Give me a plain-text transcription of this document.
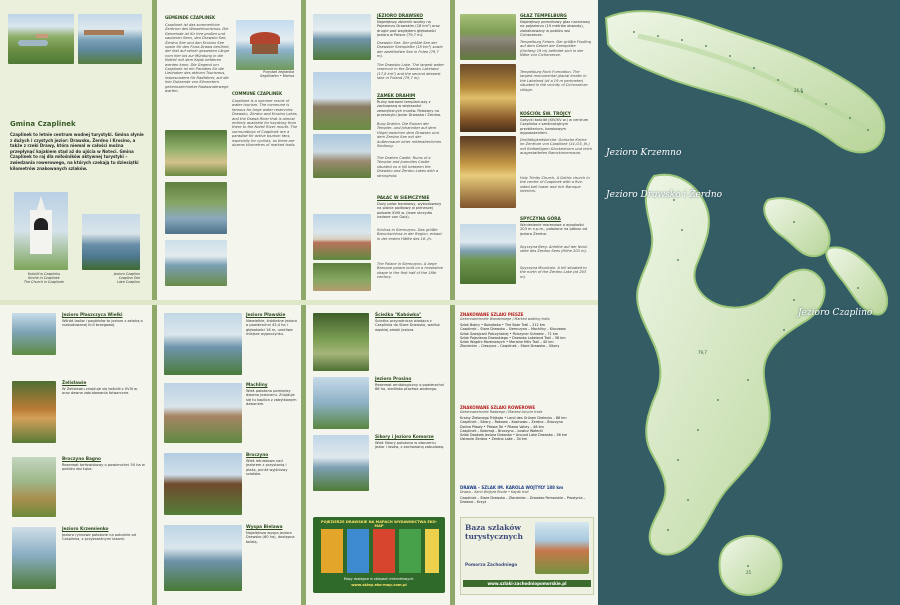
Gmina Czaplinek
Czaplinek to letnie centrum wodnej turystyki. Gmina słynie z dużych i czystych jezior: Drawsko, Żerdno i Krosino, a także z rzeki Drawy, która niemal w całości można przepłynąć kajakiem stąd aż do ujścia w Noteci. Gmina Czaplinek to raj dla miłośników aktywnej turystyki – zwiedzania rowerowego, na których czekają tu dziesiątki kilometrów znakowanych szlaków.
Kościół w Czaplinku
Kirche in Czaplinek
The Church in Czaplinek
Jezioro Czaplino
Czaplino See
Lake Czaplino
GEMEINDE CZAPLINEK
Czaplinek ist das sommerliche Zentrum des Wassertourismus. Die Gemeinde ist für ihre großen und sauberen Seen, den Drawsko See, Żerdno See und den Krosino See sowie für den Fluss Drawa berühmt, der fast auf seiner gesamten Länge vom hier bis zur Mündung in die Notteć mit dem Kajak befahren werden kann. Die Gegend um Czaplinek ist ein Paradies für die Liebhaber des aktiven Tourismus, insbesondere für Radfahrer, auf die hier Dutzende von Kilometern gekennzeichneter Radwanderwege warten.
Przystań żeglarska
Segelhafen • Marina
COMMUNE CZAPLINEK
Czaplinek is a summer resort of water tourism. The commune is famous for large water reservoirs: Drawsko, Żerdno and Krosino Lakes, and the Drawa River that is almost entirely available for kayaking from there to the Noteć River mouth. The surroundings of Czaplinek are a paradise for active tourism fans, especially for cyclists, as there are dozens kilometres of marked trails.
JEZIORO DRAWSKO
Największy zbiornik wodny na Pojezierzu Drawskim (18 km²) oraz drugie pod względem głębokości jezioro w Polsce (79,7 m).
Drawsko See. Der größte See der Drawsker Seenplatte (18 km²) sowie der zweittiefste See in Polen (79,7 m).
The Drawsko Lake. The largest water reservoir in the Drawsko Lakeland (17,8 km²) and the second deepest lake in Poland (79,7 m).
ZAMEK DRAHIM
Ruiny warowni templariuszy z zachowaną w większości zewnętrznych murów. Położony na przesmyku jezior Drawsko i Żerdno.
Burg Drahim. Die Ruinen der Templer- und Johanniter auf dem Hügel zwischen dem Drawsko und dem Żerdno See mit der Außenmauer einer mittelalterlichen Siedlung.
The Drahim Castle. Ruins of a Templar and Joannites Castle situated on a hill between the Drawsko and Żerdno Lakes with a stronghold.
PAŁAC W SIEMCZYNIE
Duży pałac barokowy, wybudowany na planie podkowy w pierwszej połowie XVIII w. (lewe skrzydło nadane von Golz).
Schloss in Siemczyno. Das größte Barockschloss in der Region, erbaut in der ersten Hälfte des 18. Jh.
The Palace in Siemczyno. A large Baroque palace built on a horseshoe shape in the first half of the 18th century.
GŁAZ TEMPELBURG
Największy pomnikowy głaz narzutowy na pojezierzu (19 metrów obwodu), zlokalizowany w pobliżu wsi Cichorzecze.
Tempelburg Felsen. Der größte Findling auf dem Gebiet der Seenplatte (Umfang 19 m) befindet sich in der Nähe von Cichorzecze.
Tempelburg Rock Formation. The largest monumental glacial erratic in the Lakeland (of a 19 m perimeter) situated in the vicinity of Cichorzecze village.
KOŚCIÓŁ ŚW. TRÓJCY
Gotycki kościół (XIV/XV w.) w centrum Czaplinka z sześciokątnym prezbiterium, barokowym wyposażeniem.
Dreifaltigkeitskirche. Gotische Kirche im Zentrum von Czaplinek (14./15. Jh.) mit fünfseitigem Glockenturm und reich ausgestatteten Barockinnenraum.
Holy Trinity Church. A Gothic church in the centre of Czaplinek with a five-sided bell tower and rich Baroque interiors.
SPYCZYNA GÓRA
Wzniesienie morenowe o wysokości 203 m n.p.m., położone na północ od jeziora Żerdno.
Spyczyna Berg. Anhöhe auf der Nord-seite des Żerdno Sees (Höhe 203 m).
Spyczyna Mountain. A hill situated to the north of the Żerdno Lake (at 203 m).
Jezioro Płaszczyca Wielki
Wśród lasów i pagórków to jezioro z zatoką o rozbudowanej linii brzegowej.
Żelisławie
W Żelisławiu znajduje się kościół z XVIII w. oraz dawne zabudowania folwarczne.
Broczyno Bagno
Rezerwat torfowiskowy o powierzchni 50 ha w pobliżu wsi Łąka.
Jezioro Krzemienko
Jezioro rynnowe położone na południe od Czaplinka, z przybrzeżnymi lasami.
Jezioro Pławskie
Niewielkie, śródleśne jezioro o powierzchni 43,4 ha i głębokości 16 m, urokliwe miejsce wypoczynku.
Machliny
Wieś położona pomiędzy dwoma jeziorami. Znajduje się tu kaplica z zabytkowym dzwonem.
Broczyno
Wieś letniskowa nad jeziorem z przystanią i plażą, punkt wyjściowy szlaków.
Wyspa Bielawa
Największa wyspa jeziora Drawsko (60 ha), dostępna łodzią.
Ścieżka "Kabówka"
Ścieżka przyrodnicza wiodąca z Czaplinka do Stare Drawsko, wzdłuż wąskiej zatoki jeziora.
Jezioro Prosino
Rezerwat ornitologiczny o powierzchni 86 ha, siedlisko ptactwa wodnego.
Sikory i Jezioro Komorze
Wieś Sikory położona w otoczeniu jezior i lasów, z zachowaną zabudową.
POJEZIERZE DRAWSKIE NA MAPACH WYDAWNICTWA EKO-MAP
Mapy dostępne w sklepach internetowych:
www.sklep.eko-map.com.pl
ZNAKOWANE SZLAKI PIESZE
Gekennzeichnete Wanderwege / Marked walking trails
Szlak Bobry • Bobrówka • The Bobr Trail – 212 km
Czaplinek – Stare Drawsko – Siemczyno – Machliny – Kluczewo
Szlak Szwajcarii Połczyńskiej • Polczyner Schweiz – 71 km
Szlak Pojezierza Drawskiego • Drawsko Lakeland Trail – 58 km
Szlak Wzgórz Morenowych • Moraine Hills Trail – 40 km
Złocieniec – Cieszyno – Czaplinek – Stare Drawsko – Sikory
ZNAKOWANE SZLAKI ROWEROWE
Gekennzeichnete Radwege / Marked bicycle trails
Krainy Zielonego Trójkąta • Land des Grünen Dreiecks – 86 km
Czaplinek – Sikory – Rakowo – Kosinowo – Żerdno – Broczyno
Dolina Piławy • Piława Tal • Piława Valley – 48 km
Czaplinek – Kołomąt – Broczyno – Łowicz Wałecki
Szlak Dookoła Jeziora Drawsko • Around Lake Drawsko – 56 km
Ustronie Żerdno • Żerdno Lake – 34 km
DRAWA – SZLAK IM. KAROLA WOJTYŁY 188 km
Drawa – Karol Wojtyła Route • Kayak trail
Czaplinek – Stare Drawsko – Złocieniec – Drawsko Pomorskie – Prostynia – Drawno – Krzyż
Baza szlaków turystycznych
Pomorza Zachodniego
www.szlaki-zachodniopomorskie.pl
26,6
79,7
25
Jezioro Krzemno
Jezioro Drawsko i Żerdno
Jezioro Czaplino
